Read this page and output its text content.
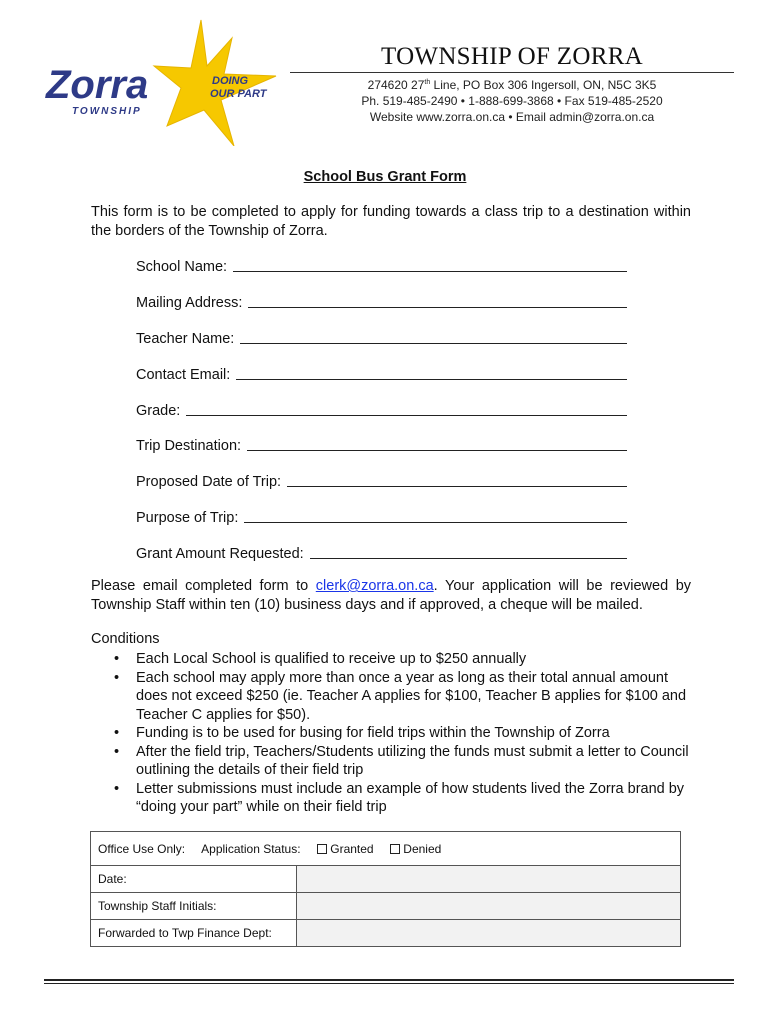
Zorra
TOWNSHIP
DOING
OUR PART
TOWNSHIP OF ZORRA
274620 27th Line, PO Box 306 Ingersoll, ON, N5C 3K5
Ph. 519-485-2490 • 1-888-699-3868 • Fax 519-485-2520
Website www.zorra.on.ca • Email admin@zorra.on.ca
School Bus Grant Form
This form is to be completed to apply for funding towards a class trip to a destination within the borders of the Township of Zorra.
School Name:
Mailing Address:
Teacher Name:
Contact Email:
Grade:
Trip Destination:
Proposed Date of Trip:
Purpose of Trip:
Grant Amount Requested:
Please email completed form to clerk@zorra.on.ca. Your application will be reviewed by Township Staff within ten (10) business days and if approved, a cheque will be mailed.
Conditions
• Each Local School is qualified to receive up to $250 annually
• Each school may apply more than once a year as long as their total annual amount does not exceed $250 (ie. Teacher A applies for $100, Teacher B applies for $100 and Teacher C applies for $50).
• Funding is to be used for busing for field trips within the Township of Zorra
• After the field trip, Teachers/Students utilizing the funds must submit a letter to Council outlining the details of their field trip
• Letter submissions must include an example of how students lived the Zorra brand by “doing your part” while on their field trip
Office Use Only: Application Status: Granted Denied	
Date:	
Township Staff Initials:	
Forwarded to Twp Finance Dept:	
